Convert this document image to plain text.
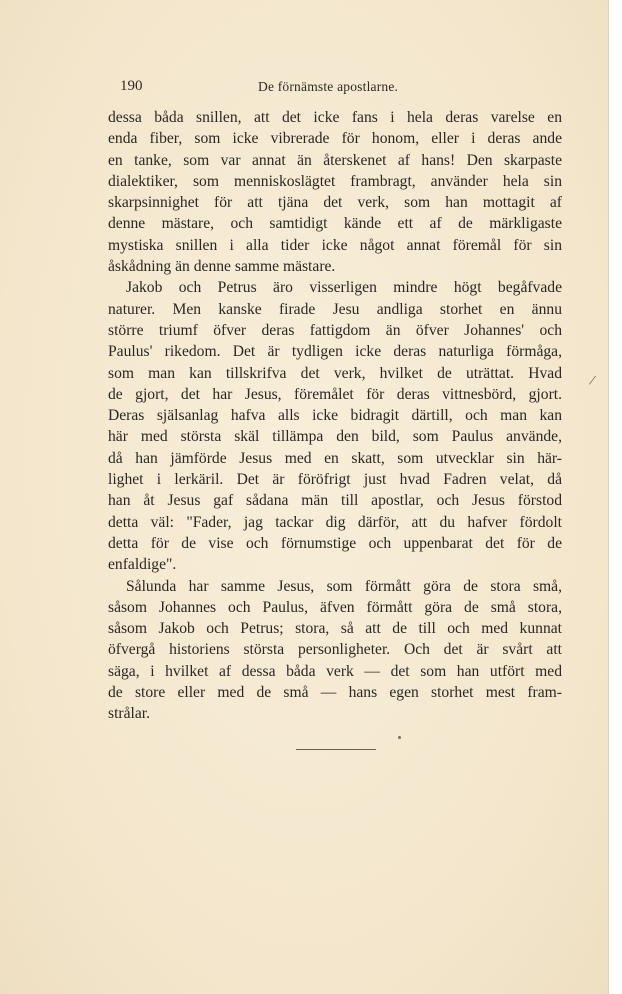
190	De förnämste apostlarne.
dessa båda snillen, att det icke fans i hela deras varelse en
enda fiber, som icke vibrerade för honom, eller i deras ande
en tanke, som var annat än återskenet af hans! Den skarpaste
dialektiker, som menniskoslägtet frambragt, använder hela sin
skarpsinnighet för att tjäna det verk, som han mottagit af
denne mästare, och samtidigt kände ett af de märkligaste
mystiska snillen i alla tider icke något annat föremål för sin
åskådning än denne samme mästare.
Jakob och Petrus äro visserligen mindre högt begåfvade
naturer. Men kanske firade Jesu andliga storhet en ännu
större triumf öfver deras fattigdom än öfver Johannes' och
Paulus' rikedom. Det är tydligen icke deras naturliga förmåga,
som man kan tillskrifva det verk, hvilket de uträttat. Hvad
de gjort, det har Jesus, föremålet för deras vittnesbörd, gjort.
Deras själsanlag hafva alls icke bidragit därtill, och man kan
här med största skäl tillämpa den bild, som Paulus använde,
då han jämförde Jesus med en skatt, som utvecklar sin här-
lighet i lerkäril. Det är föröfrigt just hvad Fadren velat, då
han åt Jesus gaf sådana män till apostlar, och Jesus förstod
detta väl: "Fader, jag tackar dig därför, att du hafver fördolt
detta för de vise och förnumstige och uppenbarat det för de
enfaldige".
Sålunda har samme Jesus, som förmått göra de stora små,
såsom Johannes och Paulus, äfven förmått göra de små stora,
såsom Jakob och Petrus; stora, så att de till och med kunnat
öfvergå historiens största personligheter. Och det är svårt att
säga, i hvilket af dessa båda verk — det som han utfört med
de store eller med de små — hans egen storhet mest fram-
strålar.
/
